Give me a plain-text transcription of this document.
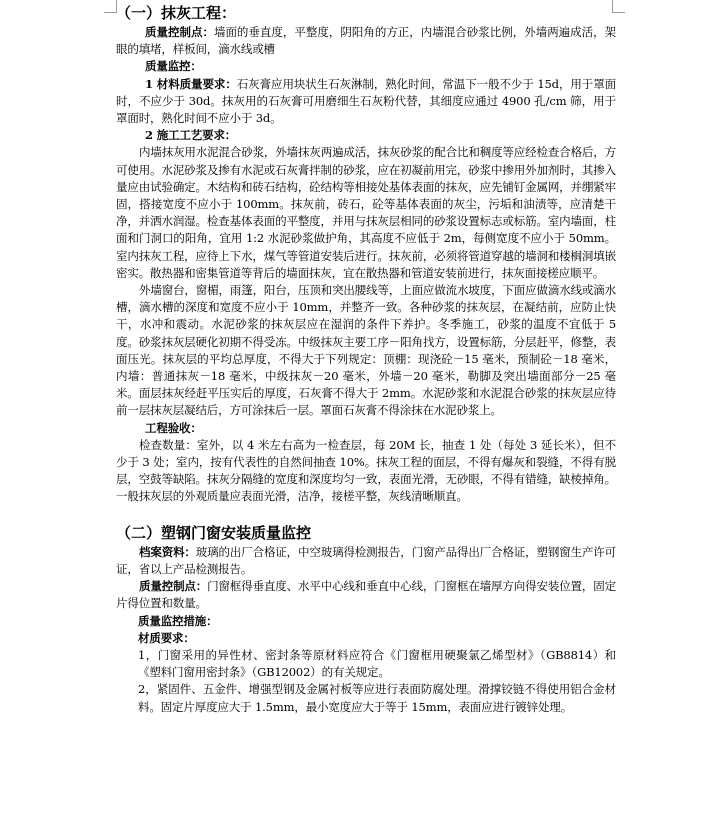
（一）抹灰工程：

质量控制点：墙面的垂直度，平整度，阴阳角的方正，内墙混合砂浆比例，外墙两遍成活，架眼的填堵，样板间，滴水线或槽

质量监控：

1 材料质量要求：石灰膏应用块状生石灰淋制，熟化时间，常温下一般不少于 15d，用于罩面时，不应少于 30d。抹灰用的石灰膏可用磨细生石灰粉代替，其细度应通过 4900 孔/cm 筛，用于罩面时，熟化时间不应小于 3d。

2 施工工艺要求：

内墙抹灰用水泥混合砂浆，外墙抹灰两遍成活，抹灰砂浆的配合比和稠度等应经检查合格后，方可使用。水泥砂浆及掺有水泥或石灰膏拌制的砂浆，应在初凝前用完，砂浆中掺用外加剂时，其掺入量应由试验确定。木结构和砖石结构，砼结构等相接处基体表面的抹灰，应先铺钉金属网，并绷紧牢固，搭接宽度不应小于 100mm。抹灰前，砖石，砼等基体表面的灰尘，污垢和油渍等，应清楚干净，并洒水润湿。检查基体表面的平整度，并用与抹灰层相同的砂浆设置标志或标筋。室内墙面，柱面和门洞口的阳角，宜用 1:2 水泥砂浆做护角，其高度不应低于 2m，每侧宽度不应小于 50mm。室内抹灰工程，应待上下水，煤气等管道安装后进行。抹灰前，必须将管道穿越的墙洞和楼榈洞填嵌密实。散热器和密集管道等背后的墙面抹灰，宜在散热器和管道安装前进行，抹灰面接槎应顺平。

外墙窗台，窗楣，雨篷，阳台，压顶和突出腰线等，上面应做流水坡度，下面应做滴水线或滴水槽，滴水槽的深度和宽度不应小于 10mm，并整齐一致。各种砂浆的抹灰层，在凝结前，应防止快干，水冲和震动。水泥砂浆的抹灰层应在湿润的条件下养护。冬季施工，砂浆的温度不宜低于 5 度。砂浆抹灰层硬化初期不得受冻。中级抹灰主要工序－阳角找方，设置标筋，分层赶平，修整，表面压光。抹灰层的平均总厚度，不得大于下列规定：顶棚：现浇砼－15 毫米，预制砼－18 毫米，内墙：普通抹灰－18 毫米，中级抹灰－20 毫米，外墙－20 毫米，勒脚及突出墙面部分－25 毫米。面层抹灰经赶平压实后的厚度，石灰膏不得大于 2mm。水泥砂浆和水泥混合砂浆的抹灰层应待前一层抹灰层凝结后，方可涂抹后一层。罩面石灰膏不得涂抹在水泥砂浆上。

工程验收：

检查数量：室外，以 4 米左右高为一检查层，每 20M 长，抽查 1 处（每处 3 延长米），但不少于 3 处；室内，按有代表性的自然间抽查 10%。抹灰工程的面层，不得有爆灰和裂缝，不得有脱层，空鼓等缺陷。抹灰分隔缝的宽度和深度均匀一致，表面光滑，无砂眼，不得有错缝，缺棱掉角。一般抹灰层的外观质量应表面光滑，洁净，接槎平整，灰线清晰顺直。

（二）塑钢门窗安装质量监控

档案资料：玻璃的出厂合格证，中空玻璃得检测报告，门窗产品得出厂合格证，塑钢窗生产许可证，省以上产品检测报告。

质量控制点：门窗框得垂直度、水平中心线和垂直中心线，门窗框在墙厚方向得安装位置，固定片得位置和数量。

质量监控措施：

材质要求：

1，门窗采用的异性材、密封条等原材料应符合《门窗框用硬聚氯乙烯型材》（GB8814）和《塑料门窗用密封条》（GB12002）的有关规定。

2，紧固件、五金件、增强型钢及金属衬板等应进行表面防腐处理。滑撑铰链不得使用铝合金材料。固定片厚度应大于 1.5mm，最小宽度应大于等于 15mm，表面应进行镀锌处理。
